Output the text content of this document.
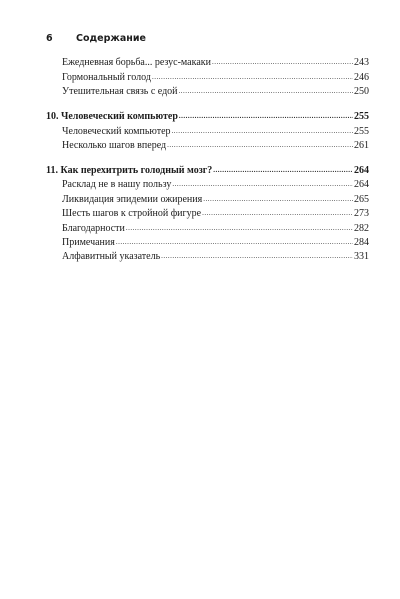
6	Содержание
Ежедневная борьба... резус-макаки .....	243
Гормональный голод .....	246
Утешительная связь с едой .....	250
10. Человеческий компьютер .....	255
Человеческий компьютер .....	255
Несколько шагов вперед .....	261
11. Как перехитрить голодный мозг? .....	264
Расклад не в нашу пользу .....	264
Ликвидация эпидемии ожирения .....	265
Шесть шагов к стройной фигуре .....	273
Благодарности .....	282
Примечания .....	284
Алфавитный указатель .....	331
